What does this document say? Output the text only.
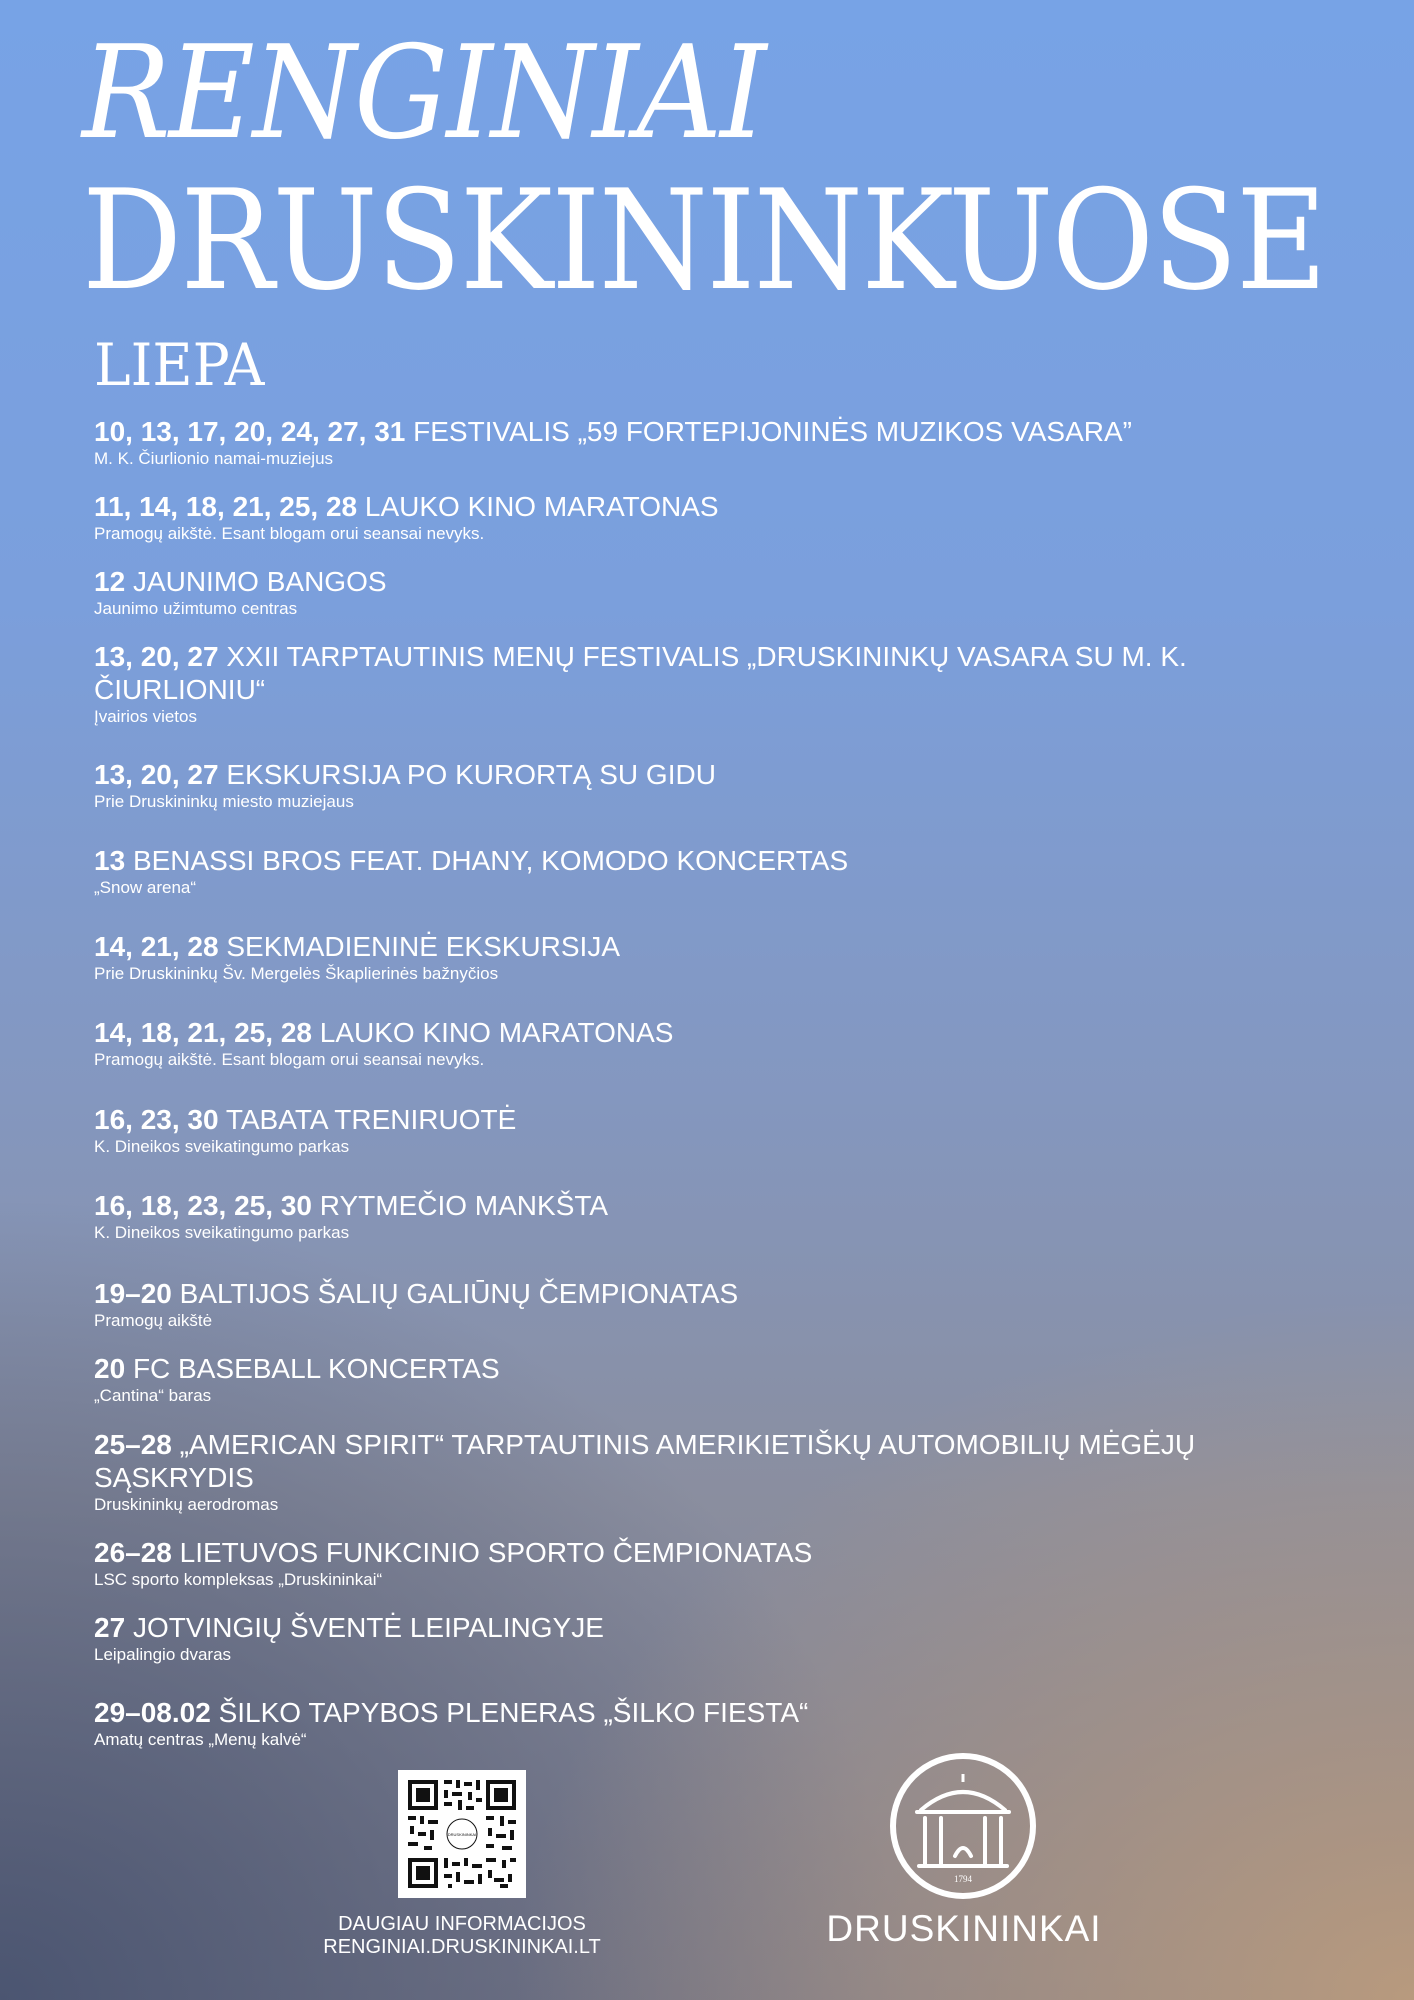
RENGINIAI
DRUSKININKUOSE
LIEPA
10, 13, 17, 20, 24, 27, 31 FESTIVALIS „59 FORTEPIJONINĖS MUZIKOS VASARA”
M. K. Čiurlionio namai-muziejus
11, 14, 18, 21, 25, 28 LAUKO KINO MARATONAS
Pramogų aikštė. Esant blogam orui seansai nevyks.
12 JAUNIMO BANGOS
Jaunimo užimtumo centras
13, 20, 27 XXII TARPTAUTINIS MENŲ FESTIVALIS „DRUSKININKŲ VASARA SU M. K. ČIURLIONIU“
Įvairios vietos
13, 20, 27 EKSKURSIJA PO KURORTĄ SU GIDU
Prie Druskininkų miesto muziejaus
13 BENASSI BROS FEAT. DHANY, KOMODO KONCERTAS
„Snow arena“
14, 21, 28 SEKMADIENINĖ EKSKURSIJA
Prie Druskininkų Šv. Mergelės Škaplierinės bažnyčios
14, 18, 21, 25, 28 LAUKO KINO MARATONAS
Pramogų aikštė. Esant blogam orui seansai nevyks.
16, 23, 30 TABATA TRENIRUOTĖ
K. Dineikos sveikatingumo parkas
16, 18, 23, 25, 30 RYTMEČIO MANKŠTA
K. Dineikos sveikatingumo parkas
19–20 BALTIJOS ŠALIŲ GALIŪNŲ ČEMPIONATAS
Pramogų aikštė
20 FC BASEBALL KONCERTAS
„Cantina“ baras
25–28 „AMERICAN SPIRIT“ TARPTAUTINIS AMERIKIETIŠKŲ AUTOMOBILIŲ MĖGĖJŲ SĄSKRYDIS
Druskininkų aerodromas
26–28 LIETUVOS FUNKCINIO SPORTO ČEMPIONATAS
LSC sporto kompleksas „Druskininkai“
27 JOTVINGIŲ ŠVENTĖ LEIPALINGYJE
Leipalingio dvaras
29–08.02 ŠILKO TAPYBOS PLENERAS „ŠILKO FIESTA“
Amatų centras „Menų kalvė“
DRUSKININKAI
DAUGIAU INFORMACIJOS
RENGINIAI.DRUSKININKAI.LT
1794
DRUSKININKAI
